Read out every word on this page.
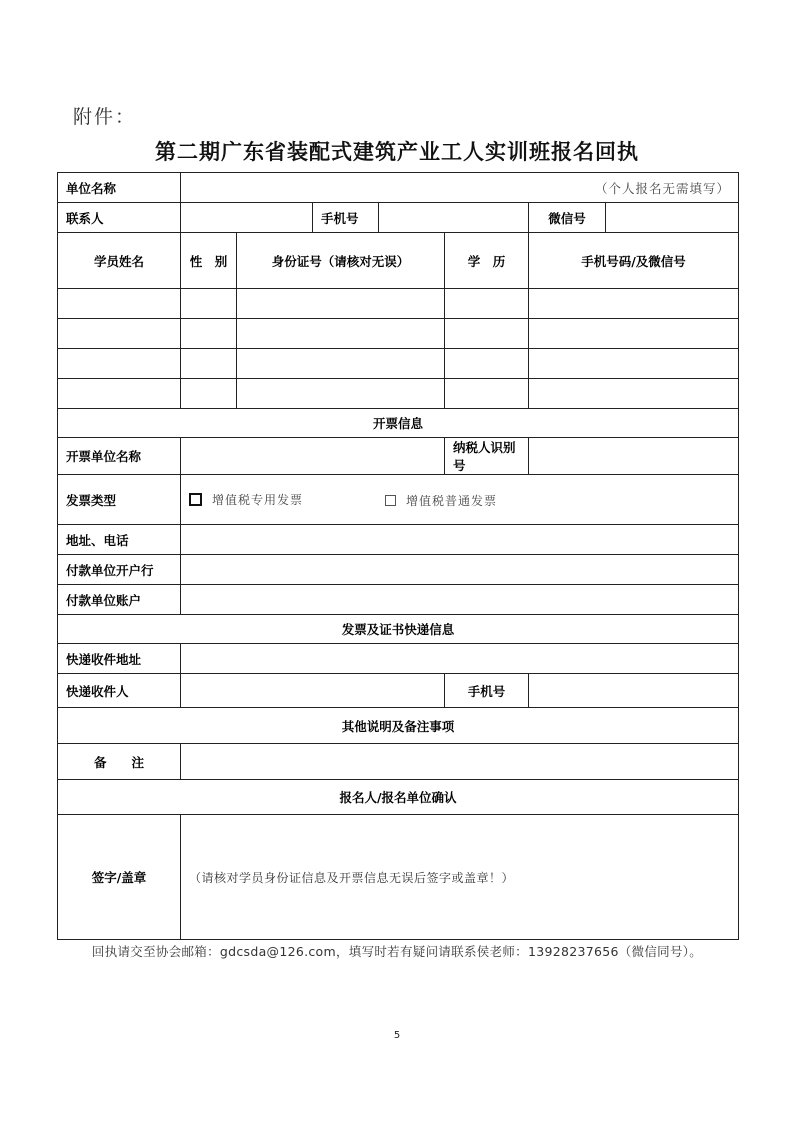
附件：
第二期广东省装配式建筑产业工人实训班报名回执
单位名称	（个人报名无需填写）						
联系人			手机号			微信号	
学员姓名	性　别	身份证号（请核对无误）			学　历	手机号码/及微信号	

开票信息							
开票单位名称					纳税人识别号		
发票类型	增值税专用发票
增值税普通发票						

地址、电话							
付款单位开户行							
付款单位账户							
发票及证书快递信息							
快递收件地址							
快递收件人					手机号		
其他说明及备注事项							
备　　注							
报名人/报名单位确认							
签字/盖章	（请核对学员身份证信息及开票信息无误后签字或盖章！）						
回执请交至协会邮箱：gdcsda@126.com，填写时若有疑问请联系侯老师：13928237656（微信同号）。
5
